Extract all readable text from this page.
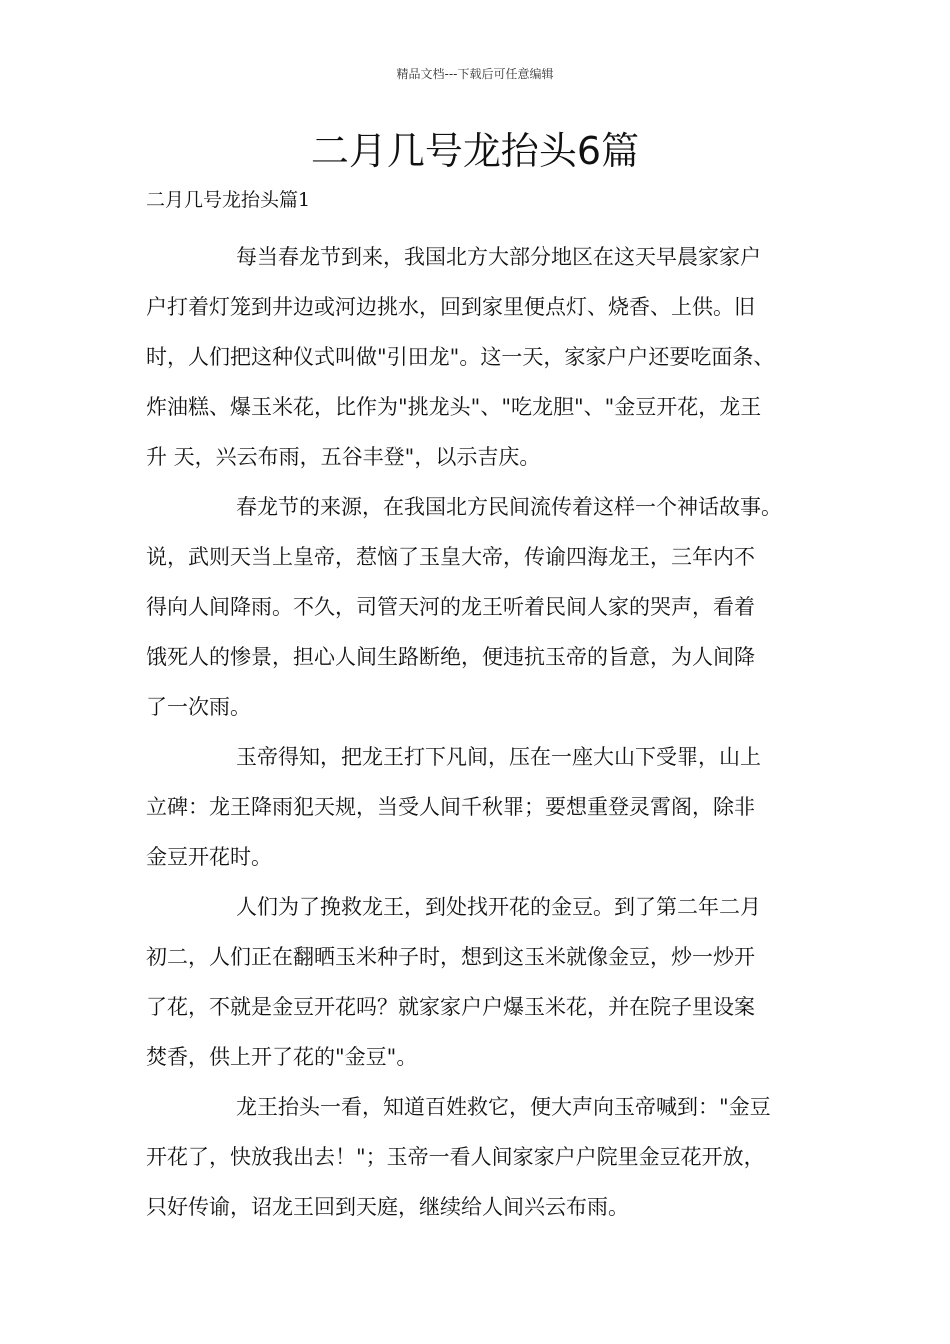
精品文档---下载后可任意编辑
二月几号龙抬头6篇
二月几号龙抬头篇1

每当春龙节到来，我国北方大部分地区在这天早晨家家户
户打着灯笼到井边或河边挑水，回到家里便点灯、烧香、上供。旧
时，人们把这种仪式叫做"引田龙"。这一天，家家户户还要吃面条、
炸油糕、爆玉米花，比作为"挑龙头"、"吃龙胆"、"金豆开花，龙王
升 天，兴云布雨，五谷丰登"，以示吉庆。

春龙节的来源，在我国北方民间流传着这样一个神话故事。
说，武则天当上皇帝，惹恼了玉皇大帝，传谕四海龙王，三年内不
得向人间降雨。不久，司管天河的龙王听着民间人家的哭声，看着
饿死人的惨景，担心人间生路断绝，便违抗玉帝的旨意，为人间降
了一次雨。

玉帝得知，把龙王打下凡间，压在一座大山下受罪，山上
立碑：龙王降雨犯天规，当受人间千秋罪；要想重登灵霄阁，除非
金豆开花时。

人们为了挽救龙王，到处找开花的金豆。到了第二年二月
初二，人们正在翻晒玉米种子时，想到这玉米就像金豆，炒一炒开
了花，不就是金豆开花吗？就家家户户爆玉米花，并在院子里设案
焚香，供上开了花的"金豆"。

龙王抬头一看，知道百姓救它，便大声向玉帝喊到："金豆
开花了，快放我出去！"；玉帝一看人间家家户户院里金豆花开放，
只好传谕，诏龙王回到天庭，继续给人间兴云布雨。
